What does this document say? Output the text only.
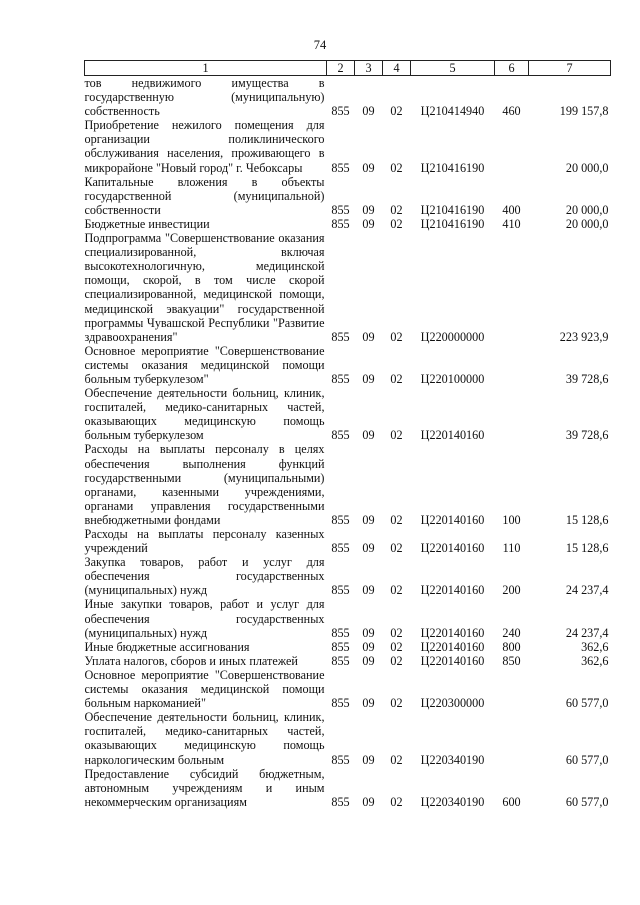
74
1	2	3	4	5	6	7
тов недвижимого имущества в государственную (муниципальную) собственность	855	09	02	Ц210414940	460	199 157,8
Приобретение нежилого помещения для организации поликлинического обслуживания населения, проживающего в микрорайоне "Новый город" г. Чебоксары	855	09	02	Ц210416190		20 000,0
Капитальные вложения в объекты государственной (муниципальной) собственности	855	09	02	Ц210416190	400	20 000,0
Бюджетные инвестиции	855	09	02	Ц210416190	410	20 000,0
Подпрограмма "Совершенствование оказания специализированной, включая высокотехнологичную, медицинской помощи, скорой, в том числе скорой специализированной, медицинской помощи, медицинской эвакуации" государственной программы Чувашской Республики "Развитие здравоохранения"	855	09	02	Ц220000000		223 923,9
Основное мероприятие "Совершенствование системы оказания медицинской помощи больным туберкулезом"	855	09	02	Ц220100000		39 728,6
Обеспечение деятельности больниц, клиник, госпиталей, медико-санитарных частей, оказывающих медицинскую помощь больным туберкулезом	855	09	02	Ц220140160		39 728,6
Расходы на выплаты персоналу в целях обеспечения выполнения функций государственными (муниципальными) органами, казенными учреждениями, органами управления государственными внебюджетными фондами	855	09	02	Ц220140160	100	15 128,6
Расходы на выплаты персоналу казенных учреждений	855	09	02	Ц220140160	110	15 128,6
Закупка товаров, работ и услуг для обеспечения государственных (муниципальных) нужд	855	09	02	Ц220140160	200	24 237,4
Иные закупки товаров, работ и услуг для обеспечения государственных (муниципальных) нужд	855	09	02	Ц220140160	240	24 237,4
Иные бюджетные ассигнования	855	09	02	Ц220140160	800	362,6
Уплата налогов, сборов и иных платежей	855	09	02	Ц220140160	850	362,6
Основное мероприятие "Совершенствование системы оказания медицинской помощи больным наркоманией"	855	09	02	Ц220300000		60 577,0
Обеспечение деятельности больниц, клиник, госпиталей, медико-санитарных частей, оказывающих медицинскую помощь наркологическим больным	855	09	02	Ц220340190		60 577,0
Предоставление субсидий бюджетным, автономным учреждениям и иным некоммерческим организациям	855	09	02	Ц220340190	600	60 577,0
